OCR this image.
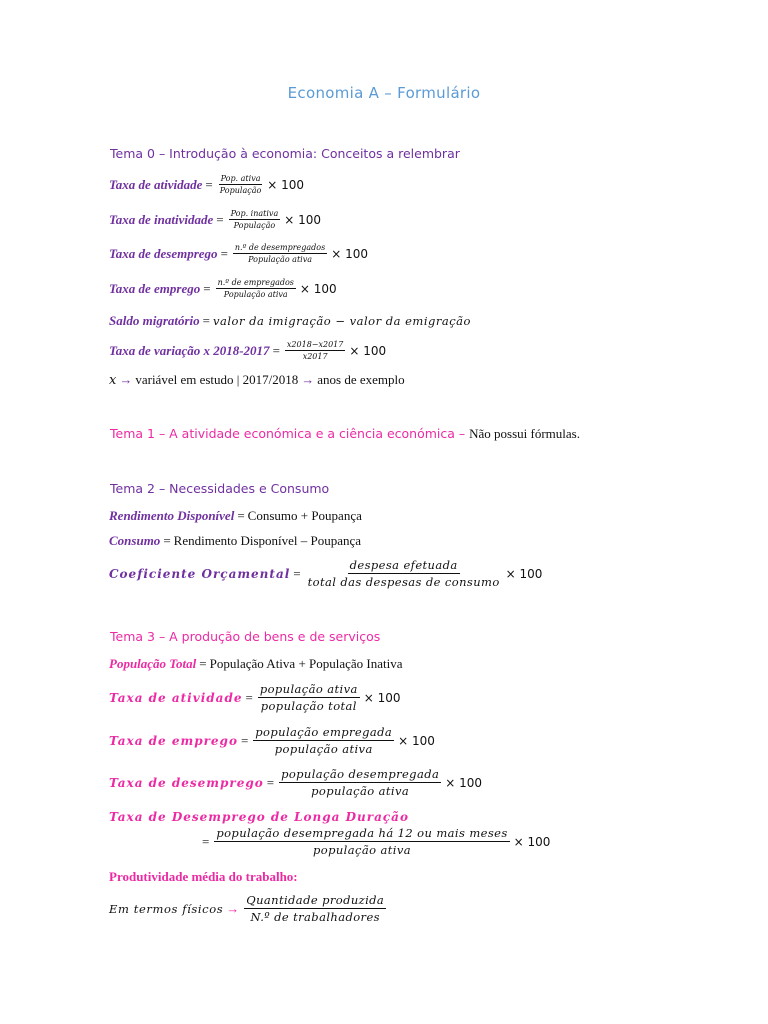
Economia A – Formulário
Tema 0 – Introdução à economia: Conceitos a relembrar
Taxa de atividade = $\frac{\text{Pop. ativa}}{\text{População}} \times 100$
Taxa de inatividade = $\frac{\text{Pop. inativa}}{\text{População}} \times 100$
Taxa de desemprego = $\frac{\text{n.º de desempregados}}{\text{População ativa}} \times 100$
Taxa de emprego = $\frac{\text{n.º de empregados}}{\text{População ativa}} \times 100$
Saldo migratório = valor da imigração − valor da emigração
Taxa de variação x $2018-2017 = \frac{x2018-x2017}{x2017} \times 100$
x → variável em estudo | 2017/2018 → anos de exemplo
Tema 1 – A atividade económica e a ciência económica – Não possui fórmulas.
Tema 2 – Necessidades e Consumo
Rendimento Disponível = Consumo + Poupança
Consumo = Rendimento Disponível – Poupança
Coeficiente Orçamental = $\frac{\text{despesa efetuada}}{\text{total das despesas de consumo}} \times 100$
Tema 3 – A produção de bens e de serviços
População Total = População Ativa + População Inativa
Taxa de atividade = $\frac{\text{população ativa}}{\text{população total}} \times 100$
Taxa de emprego = $\frac{\text{população empregada}}{\text{população ativa}} \times 100$
Taxa de desemprego = $\frac{\text{população desempregada}}{\text{população ativa}} \times 100$
Taxa de Desemprego de Longa Duração
= $\frac{\text{população desempregada há 12 ou mais meses}}{\text{população ativa}} \times 100$
Produtividade média do trabalho:
Em termos físicos → $\frac{\text{Quantidade produzida}}{\text{N.º de trabalhadores}}$
